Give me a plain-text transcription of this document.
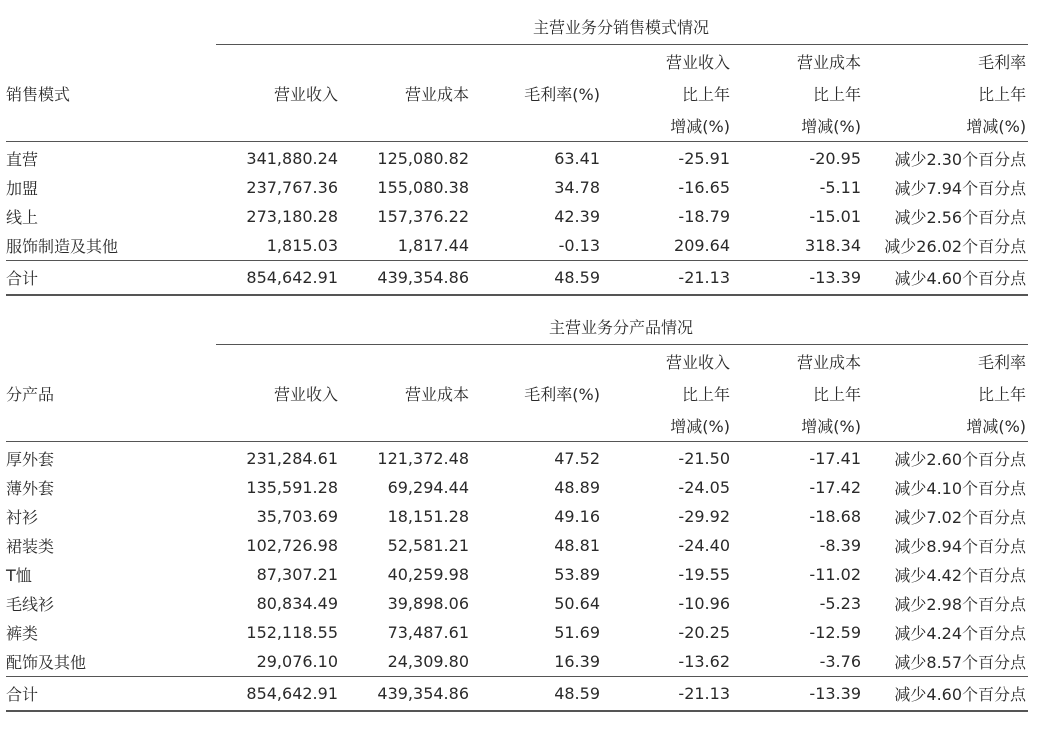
	主营业务分销售模式情况					
				营业收入	营业成本	毛利率
销售模式	营业收入	营业成本	毛利率(%)	比上年	比上年	比上年
				增减(%)	增减(%)	增减(%)
直营	341,880.24	125,080.82	63.41	-25.91	-20.95	减少2.30个百分点
加盟	237,767.36	155,080.38	34.78	-16.65	-5.11	减少7.94个百分点
线上	273,180.28	157,376.22	42.39	-18.79	-15.01	减少2.56个百分点
服饰制造及其他	1,815.03	1,817.44	-0.13	209.64	318.34	减少26.02个百分点
合计	854,642.91	439,354.86	48.59	-21.13	-13.39	减少4.60个百分点
	主营业务分产品情况					
				营业收入	营业成本	毛利率
分产品	营业收入	营业成本	毛利率(%)	比上年	比上年	比上年
				增减(%)	增减(%)	增减(%)
厚外套	231,284.61	121,372.48	47.52	-21.50	-17.41	减少2.60个百分点
薄外套	135,591.28	69,294.44	48.89	-24.05	-17.42	减少4.10个百分点
衬衫	35,703.69	18,151.28	49.16	-29.92	-18.68	减少7.02个百分点
裙装类	102,726.98	52,581.21	48.81	-24.40	-8.39	减少8.94个百分点
T恤	87,307.21	40,259.98	53.89	-19.55	-11.02	减少4.42个百分点
毛线衫	80,834.49	39,898.06	50.64	-10.96	-5.23	减少2.98个百分点
裤类	152,118.55	73,487.61	51.69	-20.25	-12.59	减少4.24个百分点
配饰及其他	29,076.10	24,309.80	16.39	-13.62	-3.76	减少8.57个百分点
合计	854,642.91	439,354.86	48.59	-21.13	-13.39	减少4.60个百分点
